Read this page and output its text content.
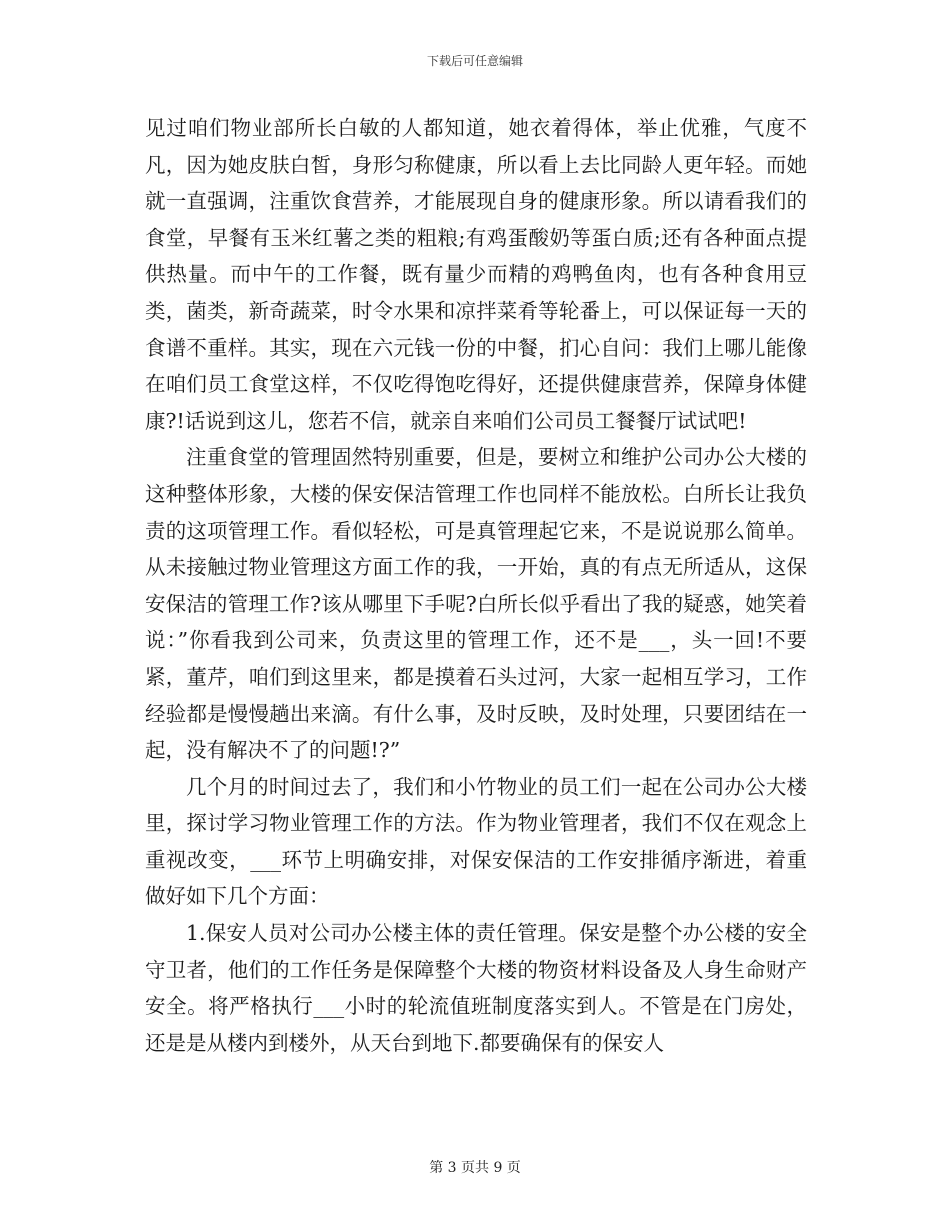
下载后可任意编辑

见过咱们物业部所长白敏的人都知道，她衣着得体，举止优雅，气度不凡，因为她皮肤白皙，身形匀称健康，所以看上去比同龄人更年轻。而她就一直强调，注重饮食营养，才能展现自身的健康形象。所以请看我们的食堂，早餐有玉米红薯之类的粗粮;有鸡蛋酸奶等蛋白质;还有各种面点提供热量。而中午的工作餐，既有量少而精的鸡鸭鱼肉，也有各种食用豆类，菌类，新奇蔬菜，时令水果和凉拌菜肴等轮番上，可以保证每一天的食谱不重样。其实，现在六元钱一份的中餐，扪心自问：我们上哪儿能像在咱们员工食堂这样，不仅吃得饱吃得好，还提供健康营养，保障身体健康?!话说到这儿，您若不信，就亲自来咱们公司员工餐餐厅试试吧!

注重食堂的管理固然特别重要，但是，要树立和维护公司办公大楼的这种整体形象，大楼的保安保洁管理工作也同样不能放松。白所长让我负责的这项管理工作。看似轻松，可是真管理起它来，不是说说那么简单。从未接触过物业管理这方面工作的我，一开始，真的有点无所适从，这保安保洁的管理工作?该从哪里下手呢?白所长似乎看出了我的疑惑，她笑着说：”你看我到公司来，负责这里的管理工作，还不是___，头一回!不要紧，董芹，咱们到这里来，都是摸着石头过河，大家一起相互学习，工作经验都是慢慢趟出来滴。有什么事，及时反映，及时处理，只要团结在一起，没有解决不了的问题!?”

几个月的时间过去了，我们和小竹物业的员工们一起在公司办公大楼里，探讨学习物业管理工作的方法。作为物业管理者，我们不仅在观念上重视改变，___环节上明确安排，对保安保洁的工作安排循序渐进，着重做好如下几个方面：

1.保安人员对公司办公楼主体的责任管理。保安是整个办公楼的安全守卫者，他们的工作任务是保障整个大楼的物资材料设备及人身生命财产安全。将严格执行___小时的轮流值班制度落实到人。不管是在门房处，还是是从楼内到楼外，从天台到地下.都要确保有的保安人

第 3 页共 9 页
